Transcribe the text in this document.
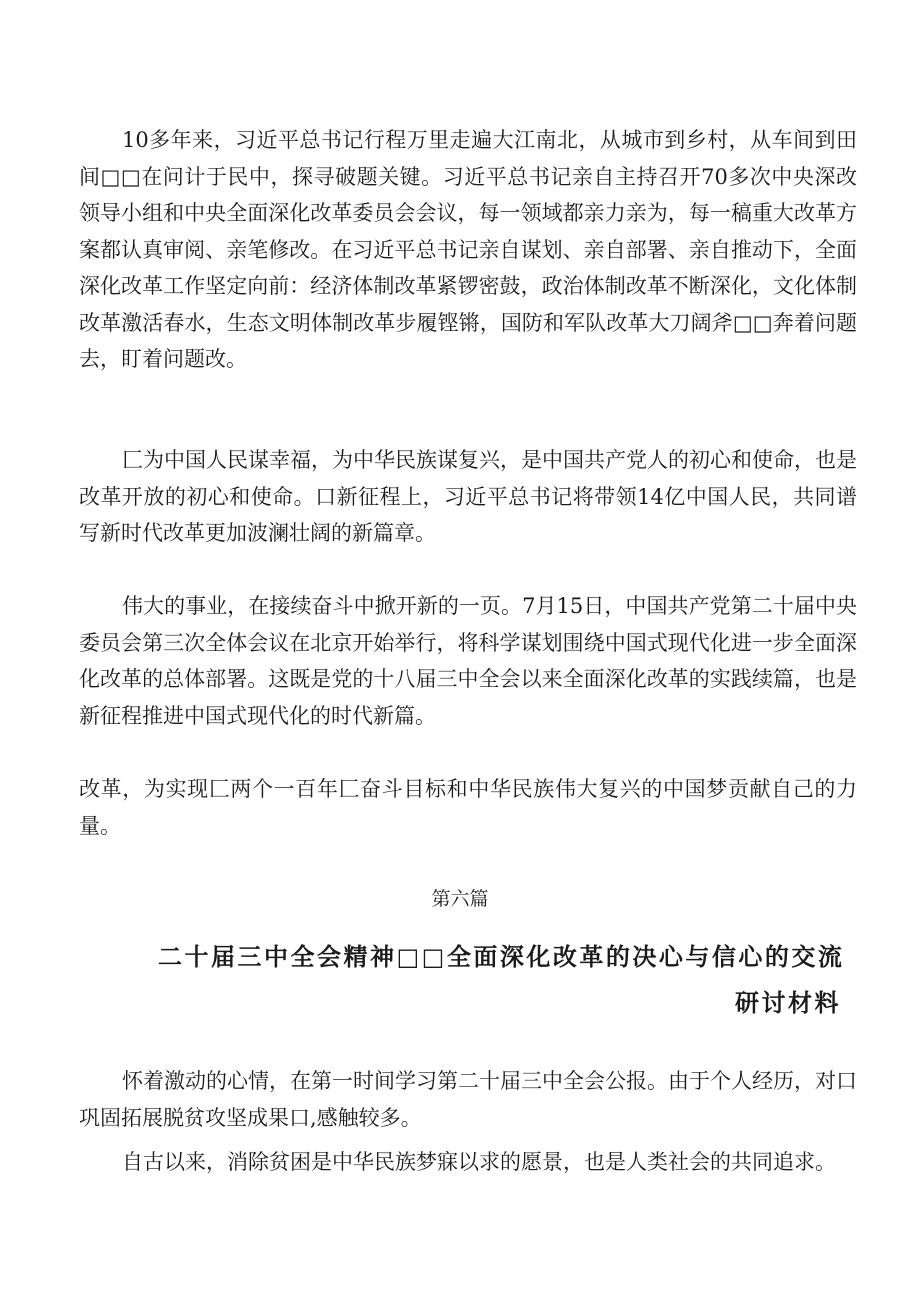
10多年来，习近平总书记行程万里走遍大江南北，从城市到乡村，从车间到田间□□在问计于民中，探寻破题关键。习近平总书记亲自主持召开70多次中央深改领导小组和中央全面深化改革委员会会议，每一领域都亲力亲为，每一稿重大改革方案都认真审阅、亲笔修改。在习近平总书记亲自谋划、亲自部署、亲自推动下，全面深化改革工作坚定向前：经济体制改革紧锣密鼓，政治体制改革不断深化，文化体制改革激活春水，生态文明体制改革步履铿锵，国防和军队改革大刀阔斧□□奔着问题去，盯着问题改。

匚为中国人民谋幸福，为中华民族谋复兴，是中国共产党人的初心和使命，也是改革开放的初心和使命。口新征程上，习近平总书记将带领14亿中国人民，共同谱写新时代改革更加波澜壮阔的新篇章。

伟大的事业，在接续奋斗中掀开新的一页。7月15日，中国共产党第二十届中央委员会第三次全体会议在北京开始举行，将科学谋划围绕中国式现代化进一步全面深化改革的总体部署。这既是党的十八届三中全会以来全面深化改革的实践续篇，也是新征程推进中国式现代化的时代新篇。

改革，为实现匚两个一百年匚奋斗目标和中华民族伟大复兴的中国梦贡献自己的力量。

第六篇

二十届三中全会精神□□全面深化改革的决心与信心的交流
研讨材料

怀着激动的心情，在第一时间学习第二十届三中全会公报。由于个人经历，对口巩固拓展脱贫攻坚成果口,感触较多。

自古以来，消除贫困是中华民族梦寐以求的愿景，也是人类社会的共同追求。
